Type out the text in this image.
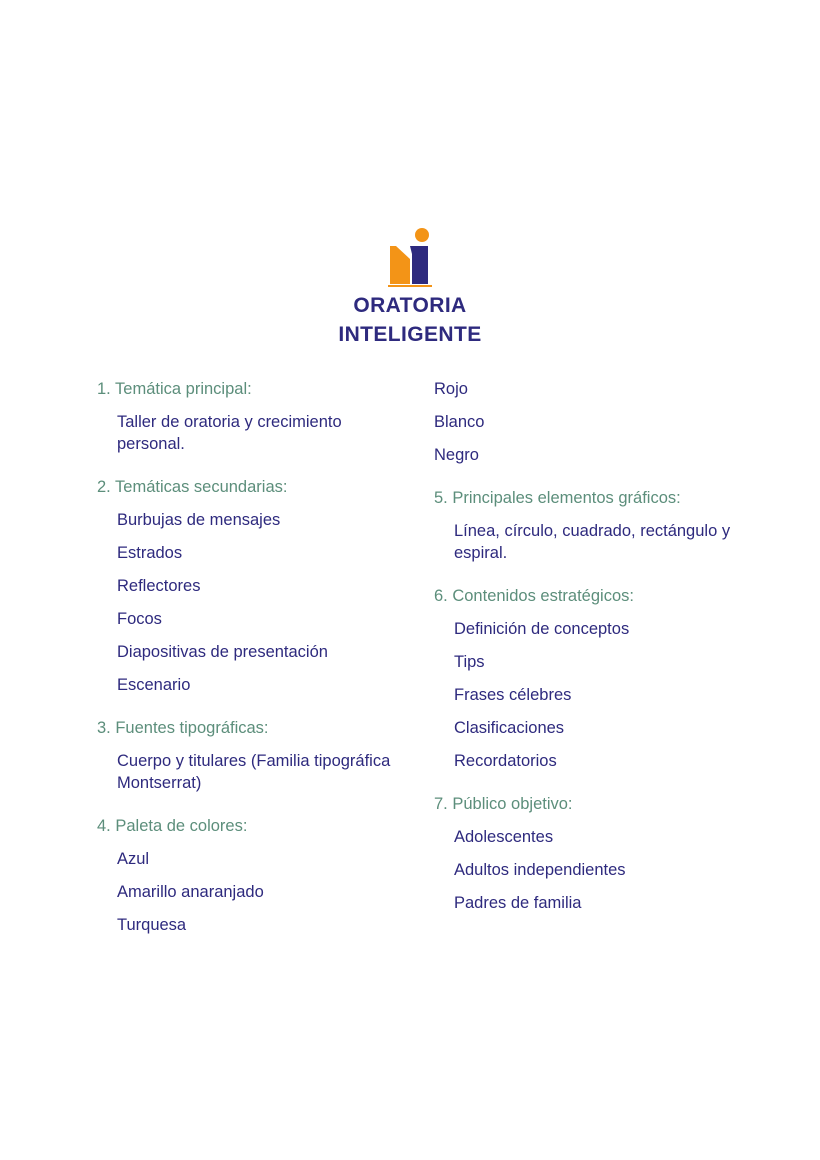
ORATORIA
INTELIGENTE
1. Temática principal:
Taller de oratoria y crecimiento personal.
2. Temáticas secundarias:
Burbujas de mensajes
Estrados
Reflectores
Focos
Diapositivas de presentación
Escenario
3. Fuentes tipográficas:
Cuerpo y titulares (Familia tipográfica Montserrat)
4. Paleta de colores:
Azul
Amarillo anaranjado
Turquesa
Rojo
Blanco
Negro
5. Principales elementos gráficos:
Línea, círculo, cuadrado, rectángulo y espiral.
6. Contenidos estratégicos:
Definición de conceptos
Tips
Frases célebres
Clasificaciones
Recordatorios
7. Público objetivo:
Adolescentes
Adultos independientes
Padres de familia
